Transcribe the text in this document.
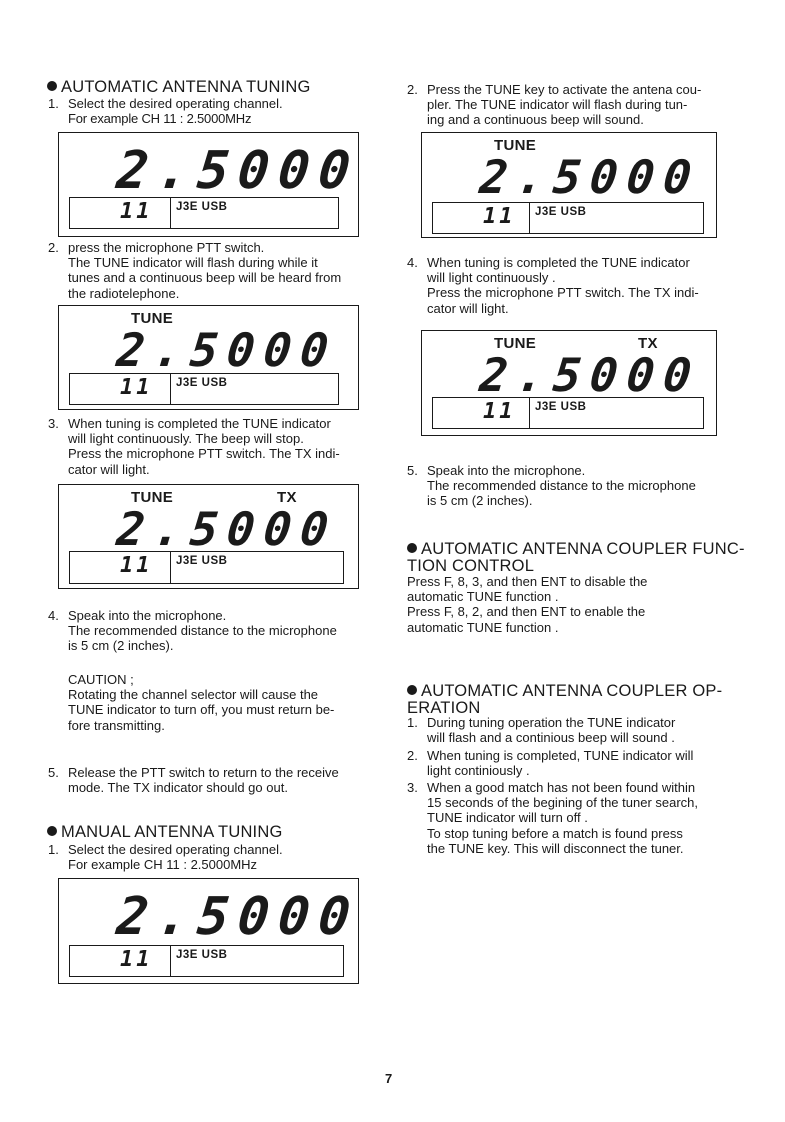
AUTOMATIC ANTENNA TUNING
1. Select the desired operating channel.
For example CH 11 : 2.5000MHz
2.5000
11 J3E USB
2. press the microphone PTT switch.
The TUNE indicator will flash during while it
tunes and a continuous beep will be heard from
the radiotelephone.
TUNE
2.5000
11 J3E USB
3. When tuning is completed the TUNE indicator
will light continuously. The beep will stop.
Press the microphone PTT switch. The TX indi-
cator will light.
TUNE	TX
2.5000
11 J3E USB
4. Speak into the microphone.
The recommended distance to the microphone
is 5 cm (2 inches).
CAUTION ;
Rotating the channel selector will cause the
TUNE indicator to turn off, you must return be-
fore transmitting.
5. Release the PTT switch to return to the receive
mode. The TX indicator should go out.
MANUAL ANTENNA TUNING
1. Select the desired operating channel.
For example CH 11 : 2.5000MHz
2.5000
11 J3E USB
2. Press the TUNE key to activate the antena cou-
pler. The TUNE indicator will flash during tun-
ing and a continuous beep will sound.
TUNE
2.5000
11 J3E USB
4. When tuning is completed the TUNE indicator
will light continuously .
Press the microphone PTT switch. The TX indi-
cator will light.
TUNE	TX
2.5000
11 J3E USB
5. Speak into the microphone.
The recommended distance to the microphone
is 5 cm (2 inches).
AUTOMATIC ANTENNA COUPLER FUNC-
TION CONTROL
Press F, 8, 3, and then ENT to disable the
automatic TUNE function .
Press F, 8, 2, and then ENT to enable the
automatic TUNE function .
AUTOMATIC ANTENNA COUPLER OP-
ERATION
1. During tuning operation the TUNE indicator
will flash and a continious beep will sound .
2. When tuning is completed, TUNE indicator will
light continiously .
3. When a good match has not been found within
15 seconds of the begining of the tuner search,
TUNE indicator will turn off .
To stop tuning before a match is found press
the TUNE key. This will disconnect the tuner.
7
